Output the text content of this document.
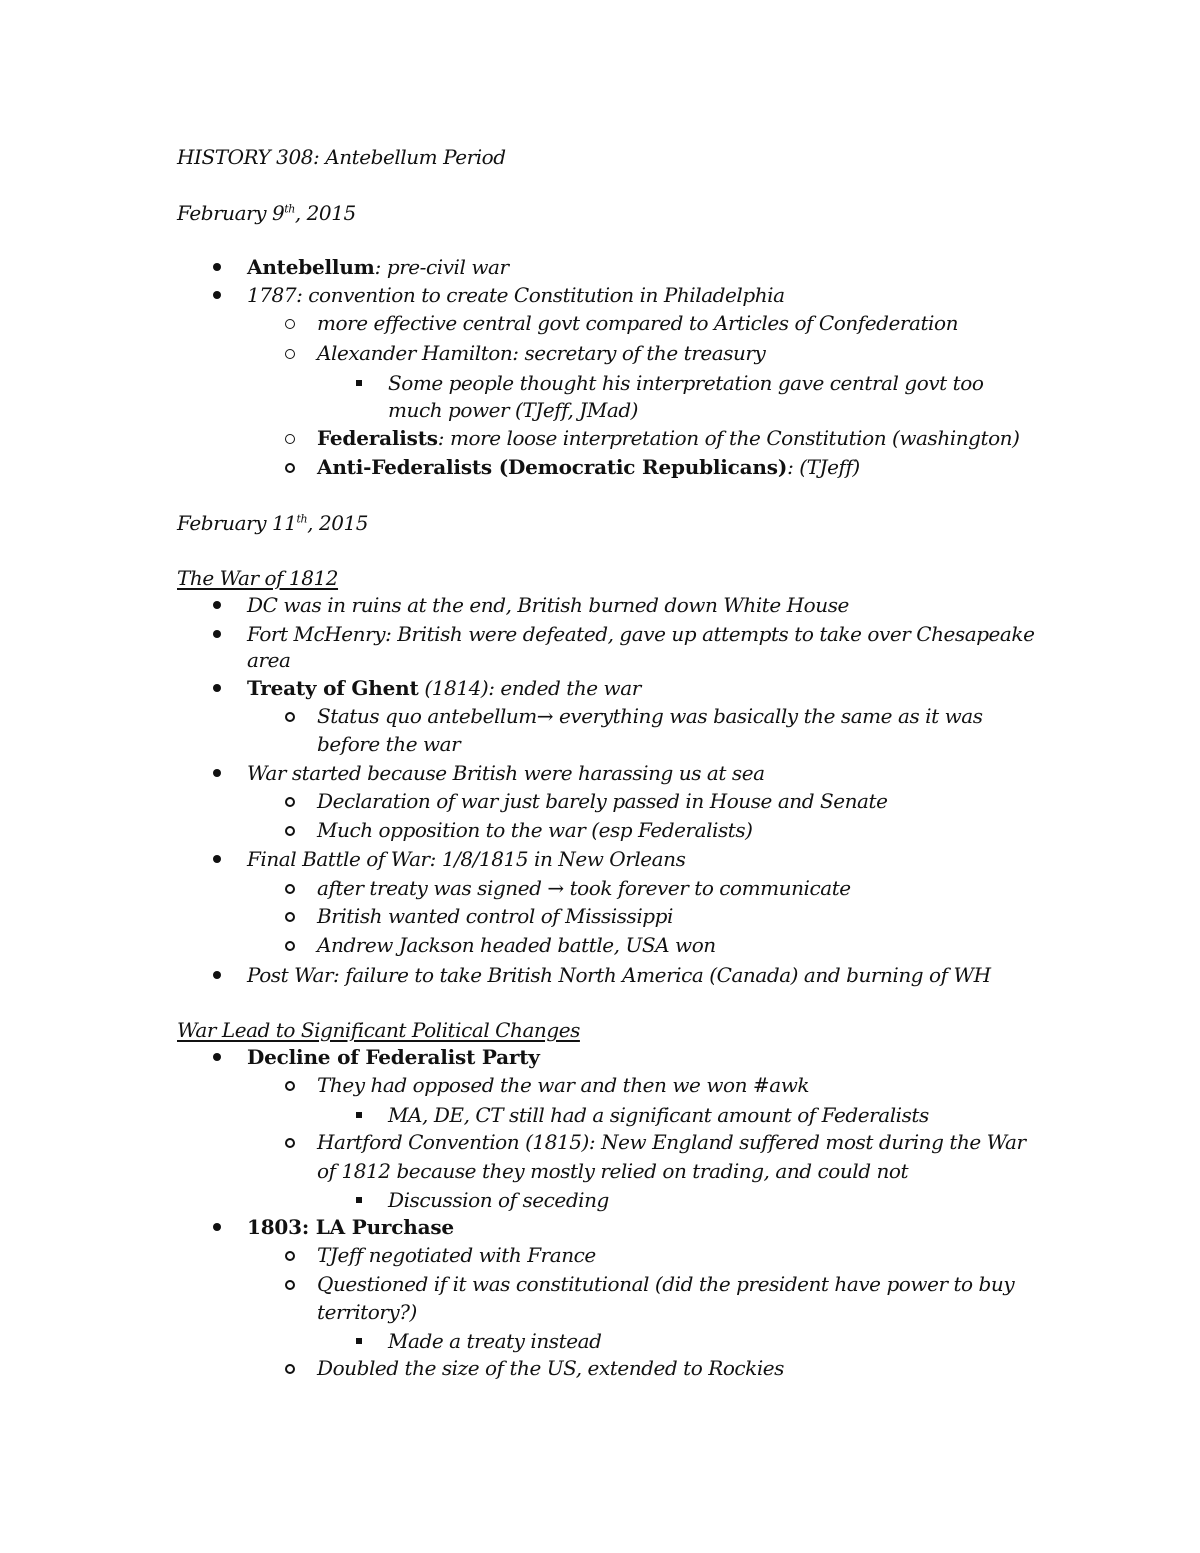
HISTORY 308: Antebellum Period
February 9th, 2015
Antebellum: pre-civil war
1787: convention to create Constitution in Philadelphia
more effective central govt compared to Articles of Confederation
Alexander Hamilton: secretary of the treasury
Some people thought his interpretation gave central govt too
much power (TJeff, JMad)
Federalists: more loose interpretation of the Constitution (washington)
Anti-Federalists (Democratic Republicans): (TJeff)
February 11th, 2015
The War of 1812
DC was in ruins at the end, British burned down White House
Fort McHenry: British were defeated, gave up attempts to take over Chesapeake
area
Treaty of Ghent (1814): ended the war
Status quo antebellum→ everything was basically the same as it was
before the war
War started because British were harassing us at sea
Declaration of war just barely passed in House and Senate
Much opposition to the war (esp Federalists)
Final Battle of War: 1/8/1815 in New Orleans
after treaty was signed → took forever to communicate
British wanted control of Mississippi
Andrew Jackson headed battle, USA won
Post War: failure to take British North America (Canada) and burning of WH
War Lead to Significant Political Changes
Decline of Federalist Party
They had opposed the war and then we won #awk
MA, DE, CT still had a significant amount of Federalists
Hartford Convention (1815): New England suffered most during the War
of 1812 because they mostly relied on trading, and could not
Discussion of seceding
1803: LA Purchase
TJeff negotiated with France
Questioned if it was constitutional (did the president have power to buy
territory?)
Made a treaty instead
Doubled the size of the US, extended to Rockies
